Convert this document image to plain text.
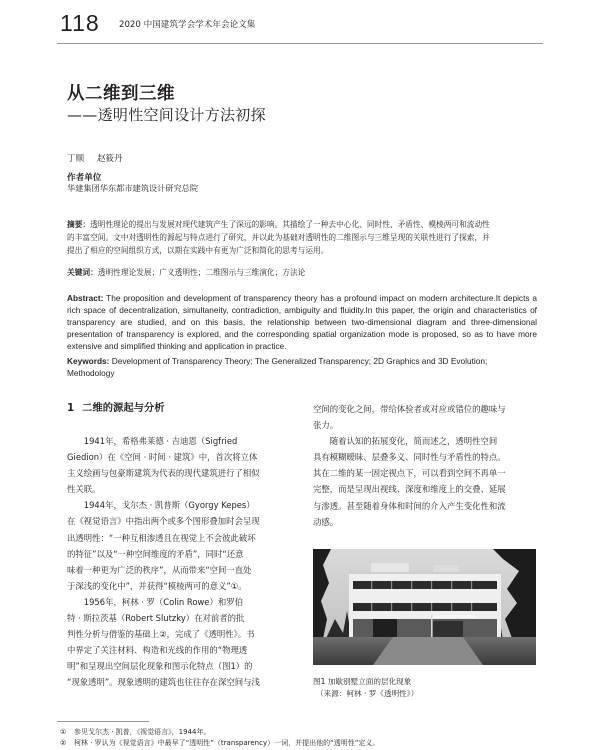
118 2020 中国建筑学会学术年会论文集
从二维到三维
——透明性空间设计方法初探
丁顺 赵筱丹
作者单位
华建集团华东都市建筑设计研究总院
摘要：透明性理论的提出与发展对现代建筑产生了深远的影响。其描绘了一种去中心化、同时性、矛盾性、模棱两可和流动性
的丰富空间。文中对透明性的源起与特点进行了研究，并以此为基础对透明性的二维图示与三维呈现的关联性进行了探索，并
提出了相应的空间组织方式，以期在实践中有更为广泛和简化的思考与运用。
关键词：透明性理论发展；广义透明性；二维图示与三维演化；方法论
Abstract: The proposition and development of transparency theory has a profound impact on modern architecture.It depicts a rich space of decentralization, simultaneity, contradiction, ambiguity and fluidity.In this paper, the origin and characteristics of transparency are studied, and on this basis, the relationship between two-dimensional diagram and three-dimensional presentation of transparency is explored, and the corresponding spatial organization mode is proposed, so as to have more extensive and simplified thinking and application in practice.
Keywords: Development of Transparency Theory; The Generalized Transparency; 2D Graphics and 3D Evolution; Methodology
1 二维的源起与分析
　　1941年，希格弗莱德 · 吉迪恩（Sigfried
Giedion）在《空间 · 时间 · 建筑》中，首次将立体
主义绘画与包豪斯建筑为代表的现代建筑进行了相似
性关联。
　　1944年，戈尔杰 · 凯普斯（Gyorgy Kepes）
在《视觉语言》中指出两个或多个图形叠加时会呈现
出透明性：“一种互相渗透且在视觉上不会彼此破坏
的特征”以及“一种空间维度的矛盾”，同时“还意
味着一种更为广泛的秩序”，从而带来“空间一直处
于深浅的变化中”，并获得“模棱两可的意义”①。
　　1956年，柯林 · 罗（Colin Rowe）和罗伯
特 · 斯拉茨基（Robert Slutzky）在对前者的批
判性分析与借鉴的基础上②，完成了《透明性》。书
中界定了关注材料、构造和光线的作用的“物理透
明”和呈现出空间层化现象和图示化特点（图1）的
“现象透明”。现象透明的建筑也往往存在深空间与浅
空间的变化之间，带给体验者或对应或错位的趣味与
张力。
　　随着认知的拓展变化，简而述之，透明性空间
具有模糊暧昧、层叠多义、同时性与矛盾性的特点。
其在二维的某一固定视点下，可以看到空间不再单一
完整，而是呈现出视线、深度和维度上的交叠、延展
与渗透。甚至随着身体和时间的介入产生变化性和流
动感。
图1 加歇别墅立面的层化现象
（来源：柯林 · 罗《透明性》）
① 参见戈尔杰 · 凯普，《视觉语言》，1944年。
② 柯林 · 罗认为《视觉语言》中最早了“透明性”（transparency）一词，并提出他的“透明性”定义。
